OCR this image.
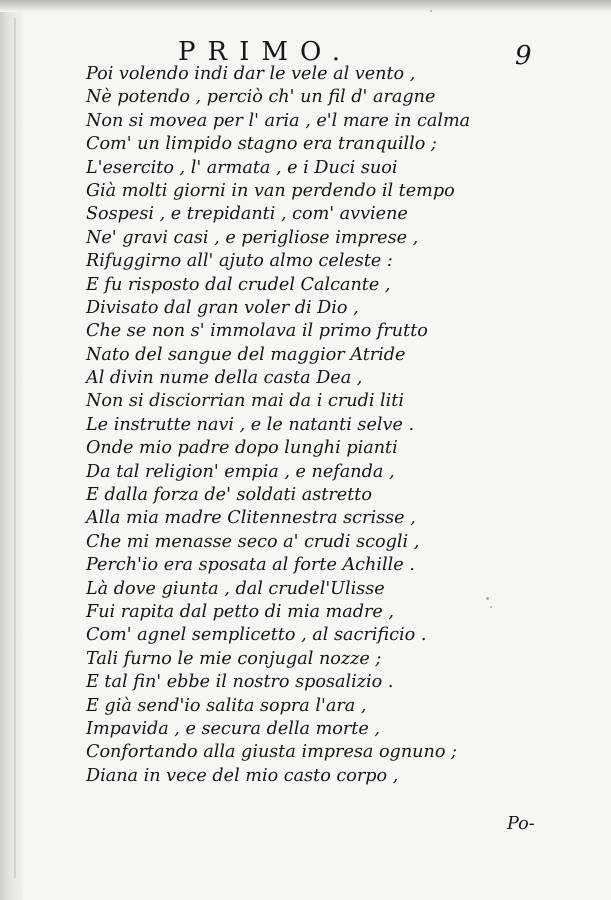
PRIMO.	9
Poi volendo indi dar le vele al vento ,
Nè potendo , perciò ch' un fil d' aragne
Non si movea per l' aria , e'l mare in calma
Com' un limpido stagno era tranquillo ;
L'esercito , l' armata , e i Duci suoi
Già molti giorni in van perdendo il tempo
Sospesi , e trepidanti , com' avviene
Ne' gravi casi , e perigliose imprese ,
Rifuggirno all' ajuto almo celeste :
E fu risposto dal crudel Calcante ,
Divisato dal gran voler di Dio ,
Che se non s' immolava il primo frutto
Nato del sangue del maggior Atride
Al divin nume della casta Dea ,
Non si disciorrian mai da i crudi liti
Le instrutte navi , e le natanti selve .
Onde mio padre dopo lunghi pianti
Da tal religion' empia , e nefanda ,
E dalla forza de' soldati astretto
Alla mia madre Clitennestra scrisse ,
Che mi menasse seco a' crudi scogli ,
Perch'io era sposata al forte Achille .
Là dove giunta , dal crudel'Ulisse
Fui rapita dal petto di mia madre ,
Com' agnel semplicetto , al sacrificio .
Tali furno le mie conjugal nozze ;
E tal fin' ebbe il nostro sposalizio .
E già send'io salita sopra l'ara ,
Impavida , e secura della morte ,
Confortando alla giusta impresa ognuno ;
Diana in vece del mio casto corpo ,
Po-
